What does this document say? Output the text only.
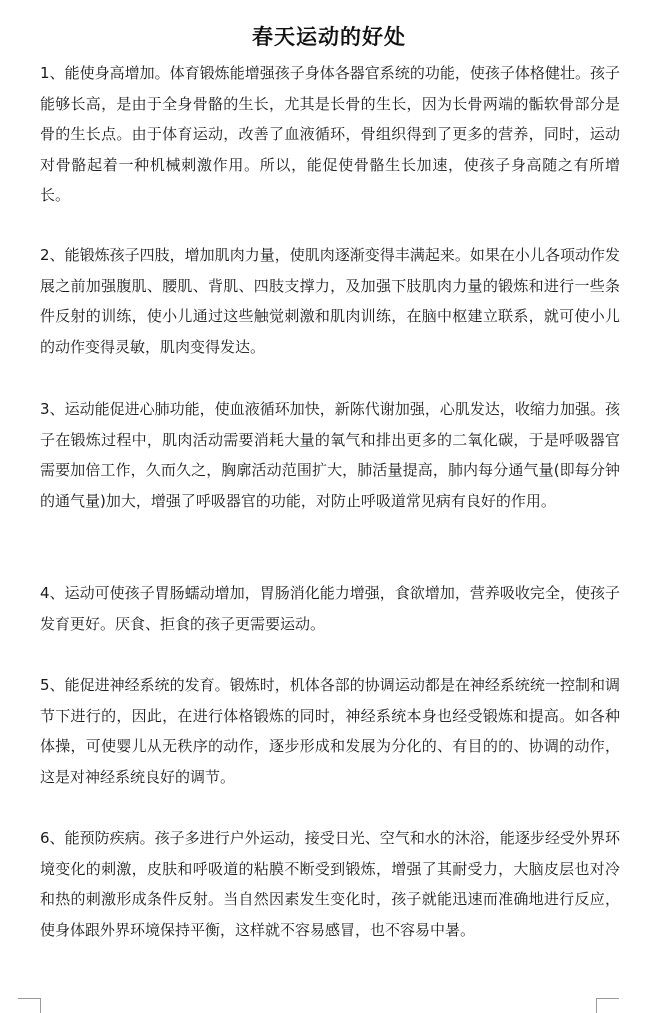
春天运动的好处

1、能使身高增加。体育锻炼能增强孩子身体各器官系统的功能，使孩子体格健壮。孩子能够长高，是由于全身骨骼的生长，尤其是长骨的生长，因为长骨两端的骺软骨部分是骨的生长点。由于体育运动，改善了血液循环，骨组织得到了更多的营养，同时，运动对骨骼起着一种机械刺激作用。所以，能促使骨骼生长加速，使孩子身高随之有所增长。

2、能锻炼孩子四肢，增加肌肉力量，使肌肉逐渐变得丰满起来。如果在小儿各项动作发展之前加强腹肌、腰肌、背肌、四肢支撑力，及加强下肢肌肉力量的锻炼和进行一些条件反射的训练，使小儿通过这些触觉刺激和肌肉训练，在脑中枢建立联系，就可使小儿的动作变得灵敏，肌肉变得发达。

3、运动能促进心肺功能，使血液循环加快，新陈代谢加强，心肌发达，收缩力加强。孩子在锻炼过程中，肌肉活动需要消耗大量的氧气和排出更多的二氧化碳，于是呼吸器官需要加倍工作，久而久之，胸廓活动范围扩大，肺活量提高，肺内每分通气量(即每分钟的通气量)加大，增强了呼吸器官的功能，对防止呼吸道常见病有良好的作用。

4、运动可使孩子胃肠蠕动增加，胃肠消化能力增强，食欲增加，营养吸收完全，使孩子发育更好。厌食、拒食的孩子更需要运动。

5、能促进神经系统的发育。锻炼时，机体各部的协调运动都是在神经系统统一控制和调节下进行的，因此，在进行体格锻炼的同时，神经系统本身也经受锻炼和提高。如各种体操，可使婴儿从无秩序的动作，逐步形成和发展为分化的、有目的的、协调的动作，这是对神经系统良好的调节。

6、能预防疾病。孩子多进行户外运动，接受日光、空气和水的沐浴，能逐步经受外界环境变化的刺激，皮肤和呼吸道的粘膜不断受到锻炼，增强了其耐受力，大脑皮层也对冷和热的刺激形成条件反射。当自然因素发生变化时，孩子就能迅速而准确地进行反应，使身体跟外界环境保持平衡，这样就不容易感冒，也不容易中暑。
